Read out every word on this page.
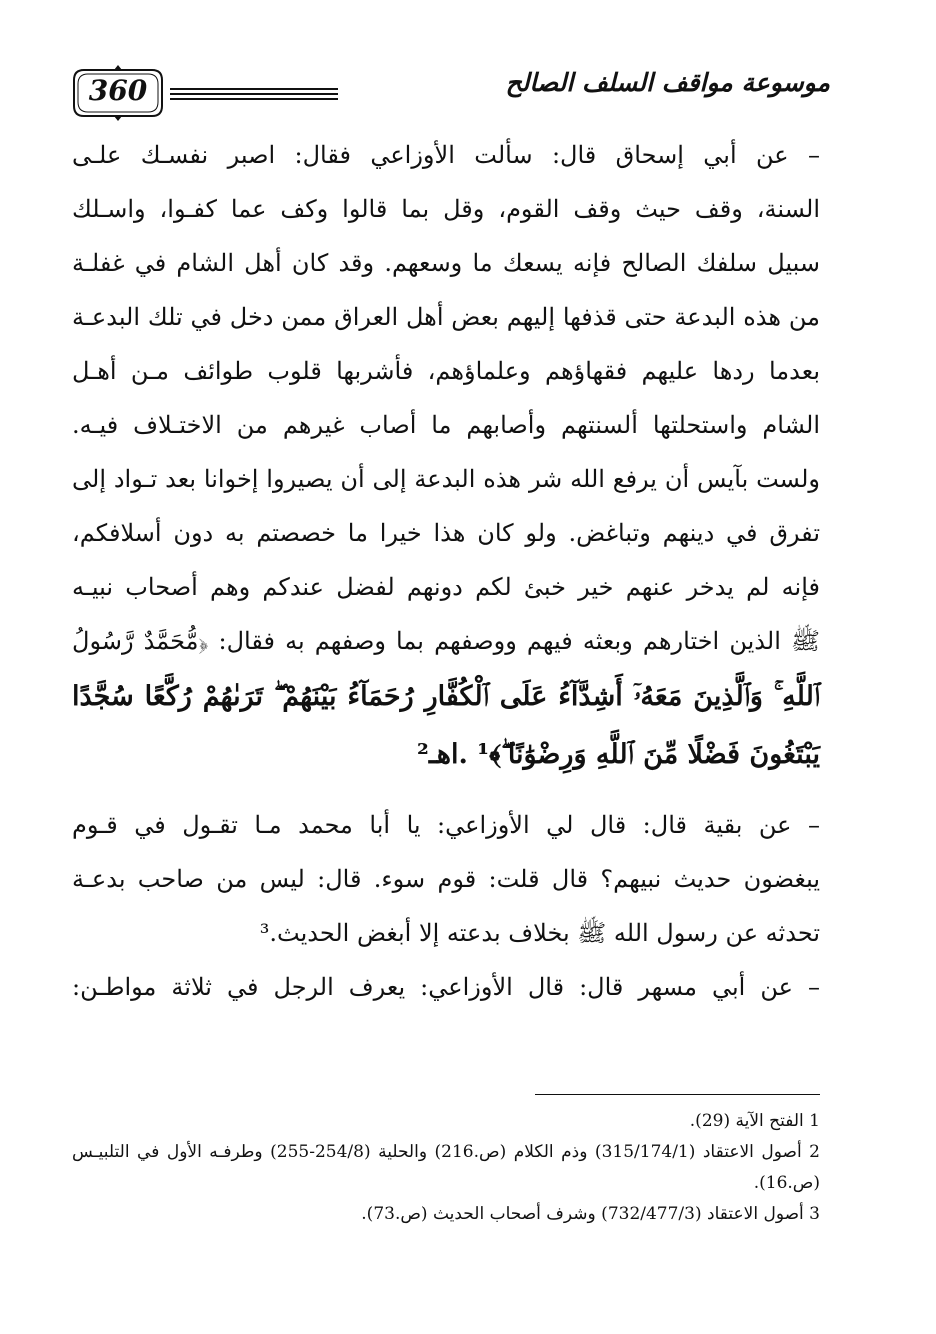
360	موسوعة مواقف السلف الصالح
– عن أبي إسحاق قال: سألت الأوزاعي فقال: اصبر نفسـك علـى
السنة، وقف حيث وقف القوم، وقل بما قالوا وكف عما كفـوا، واسـلك
سبيل سلفك الصالح فإنه يسعك ما وسعهم. وقد كان أهل الشام في غفلـة
من هذه البدعة حتى قذفها إليهم بعض أهل العراق ممن دخل في تلك البدعـة
بعدما ردها عليهم فقهاؤهم وعلماؤهم، فأشربها قلوب طوائف مـن أهـل
الشام واستحلتها ألسنتهم وأصابهم ما أصاب غيرهم من الاختـلاف فيـه.
ولست بآيس أن يرفع الله شر هذه البدعة إلى أن يصيروا إخوانا بعد تـواد إلى
تفرق في دينهم وتباغض. ولو كان هذا خيرا ما خصصتم به دون أسلافكم،
فإنه لم يدخر عنهم خير خبئ لكم دونهم لفضل عندكم وهم أصحاب نبيـه
ﷺ الذين اختارهم وبعثه فيهم ووصفهم بما وصفهم به فقال: ﴿مُّحَمَّدٌ رَّسُولُ
ٱللَّهِ ۚ وَٱلَّذِينَ مَعَهُۥٓ أَشِدَّآءُ عَلَى ٱلْكُفَّارِ رُحَمَآءُ بَيْنَهُمْ ۖ تَرَىٰهُمْ رُكَّعًا سُجَّدًا
يَبْتَغُونَ فَضْلًا مِّنَ ٱللَّهِ وَرِضْوَٰنًا ۖ﴾¹ .اهـ²
– عن بقية قال: قال لي الأوزاعي: يا أبا محمد مـا تقـول في قـوم
يبغضون حديث نبيهم؟ قال قلت: قوم سوء. قال: ليس من صاحب بدعـة
تحدثه عن رسول الله ﷺ بخلاف بدعته إلا أبغض الحديث.³
– عن أبي مسهر قال: قال الأوزاعي: يعرف الرجل في ثلاثة مواطـن:
1 الفتح الآية (29).
2 أصول الاعتقاد (315/174/1) وذم الكلام (ص.216) والحلية (254/8-255) وطرفـه الأول في التلبيـس
(ص.16).
3 أصول الاعتقاد (732/477/3) وشرف أصحاب الحديث (ص.73).
